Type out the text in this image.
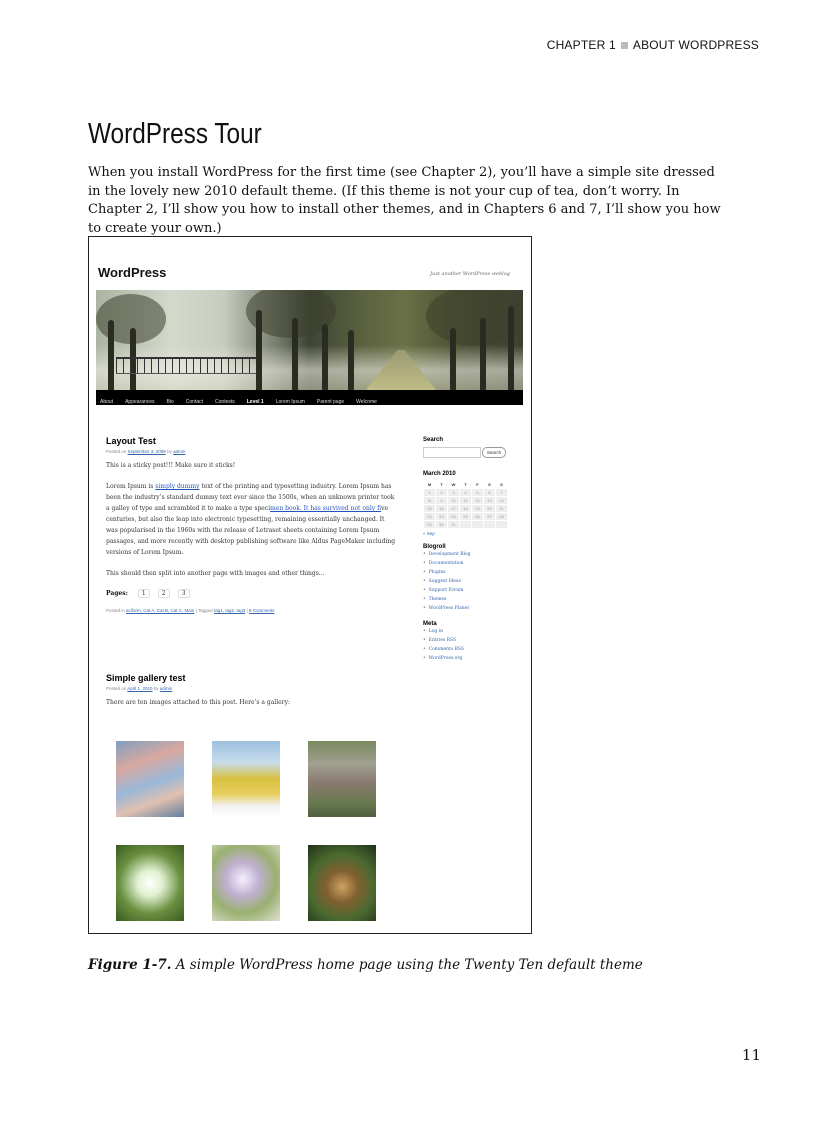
CHAPTER 1 ABOUT WORDPRESS
WordPress Tour

When you install WordPress for the first time (see Chapter 2), you’ll have a simple site dressed in the lovely new 2010 default theme. (If this theme is not your cup of tea, don’t worry. In Chapter 2, I’ll show you how to install other themes, and in Chapters 6 and 7, I’ll show you how to create your own.)

WordPress	Just another WordPress weblog
About Appearances Bio Contact Contests Level 1 Lorem Ipsum Parent page Welcome

Layout Test

Posted on September 3, 2008 by admin

This is a sticky post!!! Make sure it sticks!

Lorem Ipsum is simply dummy text of the printing and typesetting industry. Lorem Ipsum has been the industry’s standard dummy text ever since the 1500s, when an unknown printer took a galley of type and scrambled it to make a type specimen book. It has survived not only five centuries, but also the leap into electronic typesetting, remaining essentially unchanged. It was popularised in the 1960s with the release of Letraset sheets containing Lorem Ipsum passages, and more recently with desktop publishing software like Aldus PageMaker including versions of Lorem Ipsum.

This should then split into another page with images and other things...

Pages: 1	2	3

Posted in aciform, Cat A, Cat B, Cat C, Main | Tagged tag1, tag2, tag3 | 8 Comments

Simple gallery test

Posted on April 1, 2010 by admin

There are ten images attached to this post. Here’s a gallery:

Search

Search

March 2010

M	T	W	T	F	S	S
1	2	3	4	5	6	7
8	9	10	11	12	13	14
15	16	17	18	19	20	21
22	23	24	25	26	27	28
29	30	31				
« Sep

Blogroll

• Development Blog
• Documentation
• Plugins
• Suggest Ideas
• Support Forum
• Themes
• WordPress Planet

Meta

• Log in
• Entries RSS
• Comments RSS
• WordPress.org

Figure 1-7. A simple WordPress home page using the Twenty Ten default theme

11
